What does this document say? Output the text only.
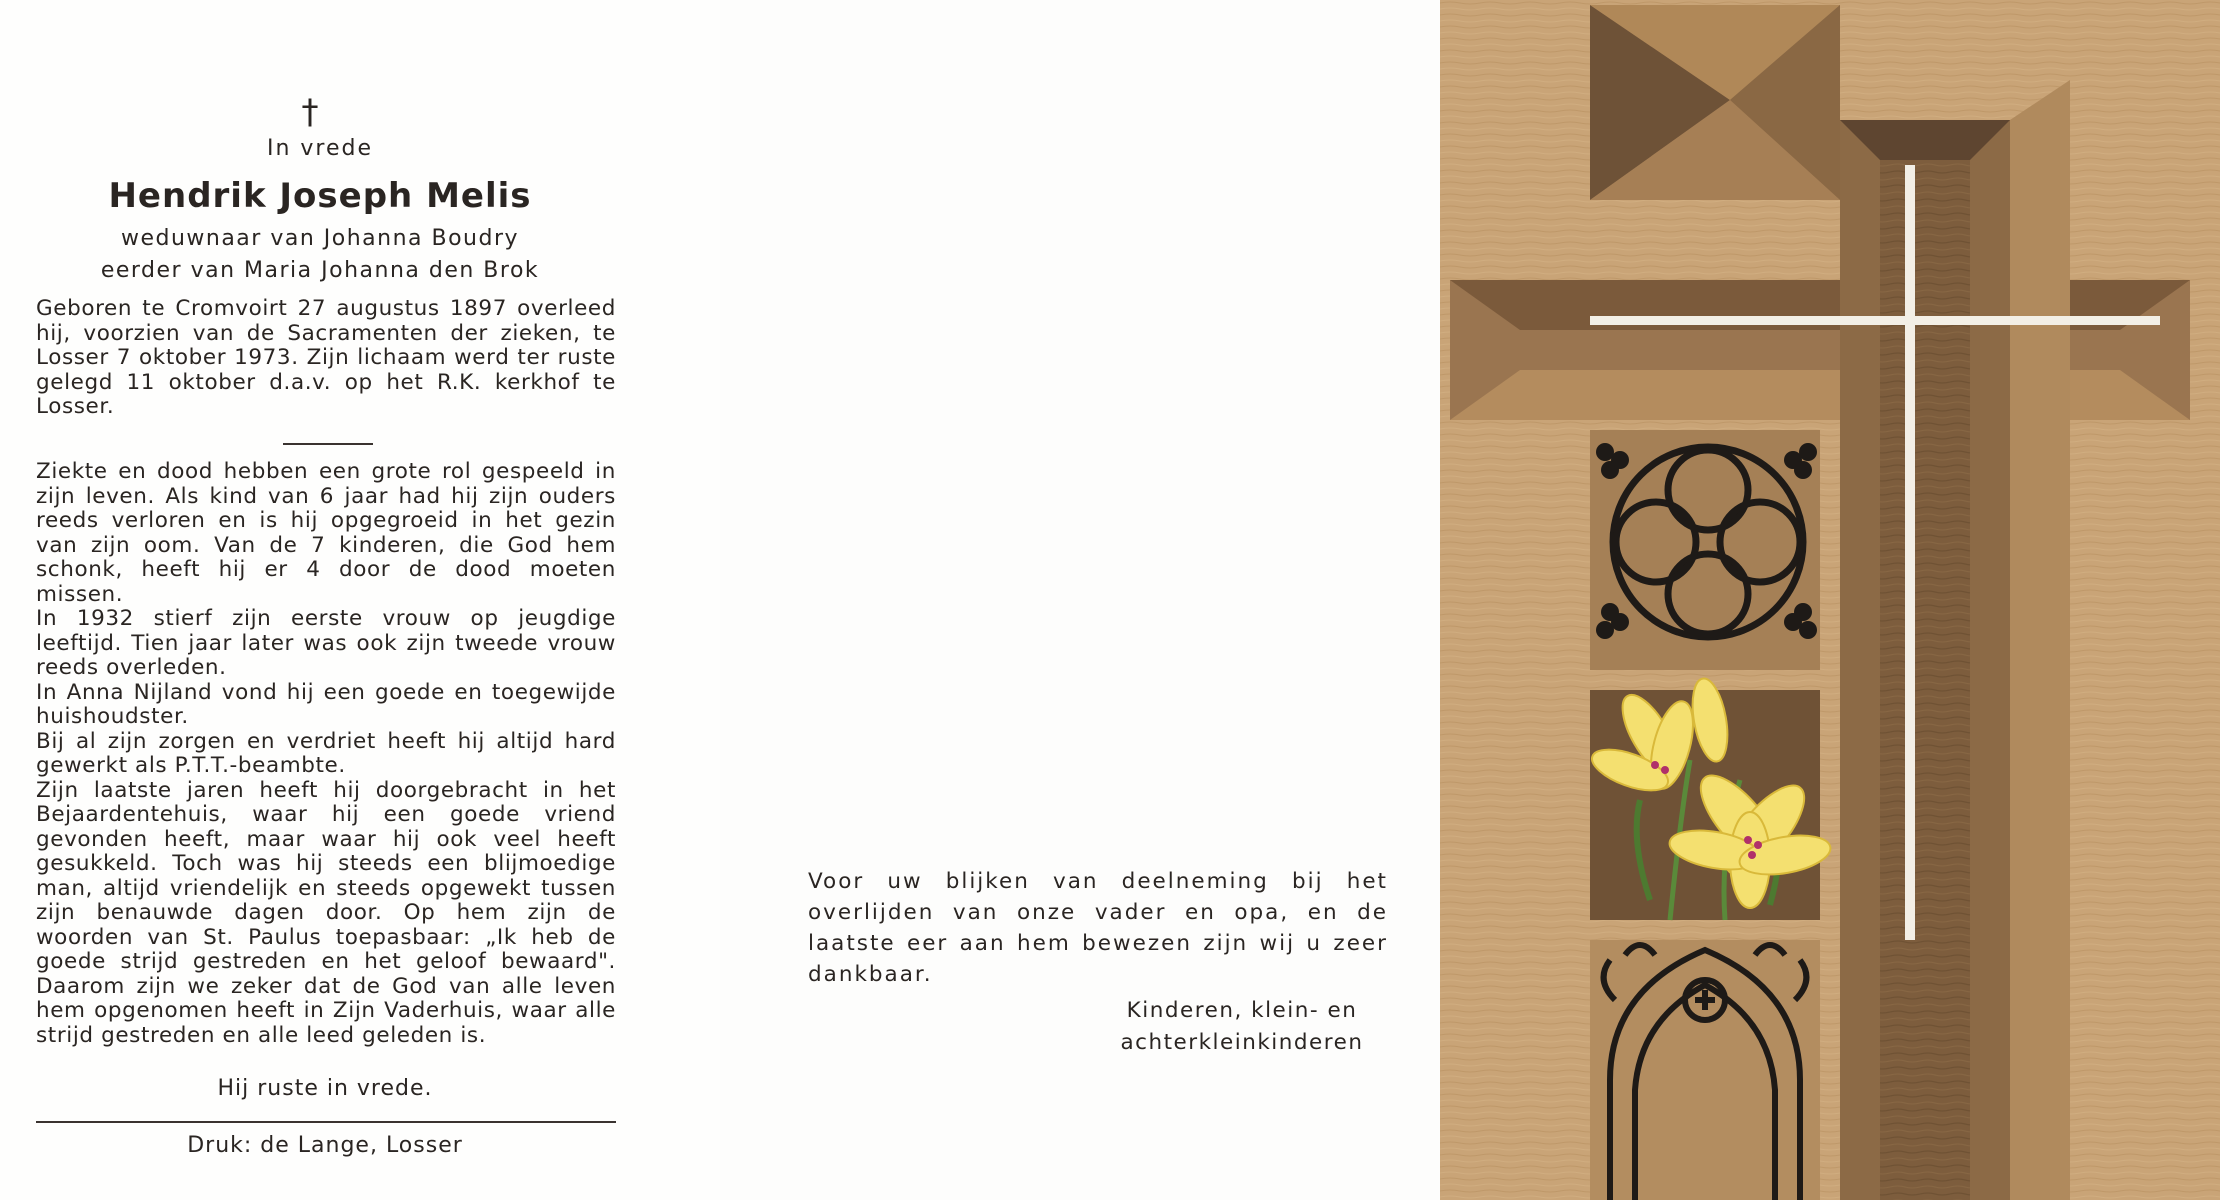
†
In vrede
Hendrik Joseph Melis
weduwnaar van Johanna Boudry
eerder van Maria Johanna den Brok

Geboren te Cromvoirt 27 augustus 1897 overleed hij, voorzien van de Sacramenten der zieken, te Losser 7 oktober 1973. Zijn lichaam werd ter ruste gelegd 11 oktober d.a.v. op het R.K. kerkhof te Losser.

Ziekte en dood hebben een grote rol gespeeld in zijn leven. Als kind van 6 jaar had hij zijn ouders reeds verloren en is hij opgegroeid in het gezin van zijn oom. Van de 7 kinderen, die God hem schonk, heeft hij er 4 door de dood moeten missen.
In 1932 stierf zijn eerste vrouw op jeugdige leeftijd. Tien jaar later was ook zijn tweede vrouw reeds overleden.
In Anna Nijland vond hij een goede en toegewijde huishoudster.
Bij al zijn zorgen en verdriet heeft hij altijd hard gewerkt als P.T.T.-beambte.
Zijn laatste jaren heeft hij doorgebracht in het Bejaardentehuis, waar hij een goede vriend gevonden heeft, maar waar hij ook veel heeft gesukkeld. Toch was hij steeds een blijmoedige man, altijd vriendelijk en steeds opgewekt tussen zijn benauwde dagen door. Op hem zijn de woorden van St. Paulus toepasbaar: „Ik heb de goede strijd gestreden en het geloof bewaard". Daarom zijn we zeker dat de God van alle leven hem opgenomen heeft in Zijn Vaderhuis, waar alle strijd gestreden en alle leed geleden is.

Hij ruste in vrede.
Druk: de Lange, Losser

Voor uw blijken van deelneming bij het overlijden van onze vader en opa, en de laatste eer aan hem bewezen zijn wij u zeer dankbaar.

Kinderen, klein- en
achterkleinkinderen
